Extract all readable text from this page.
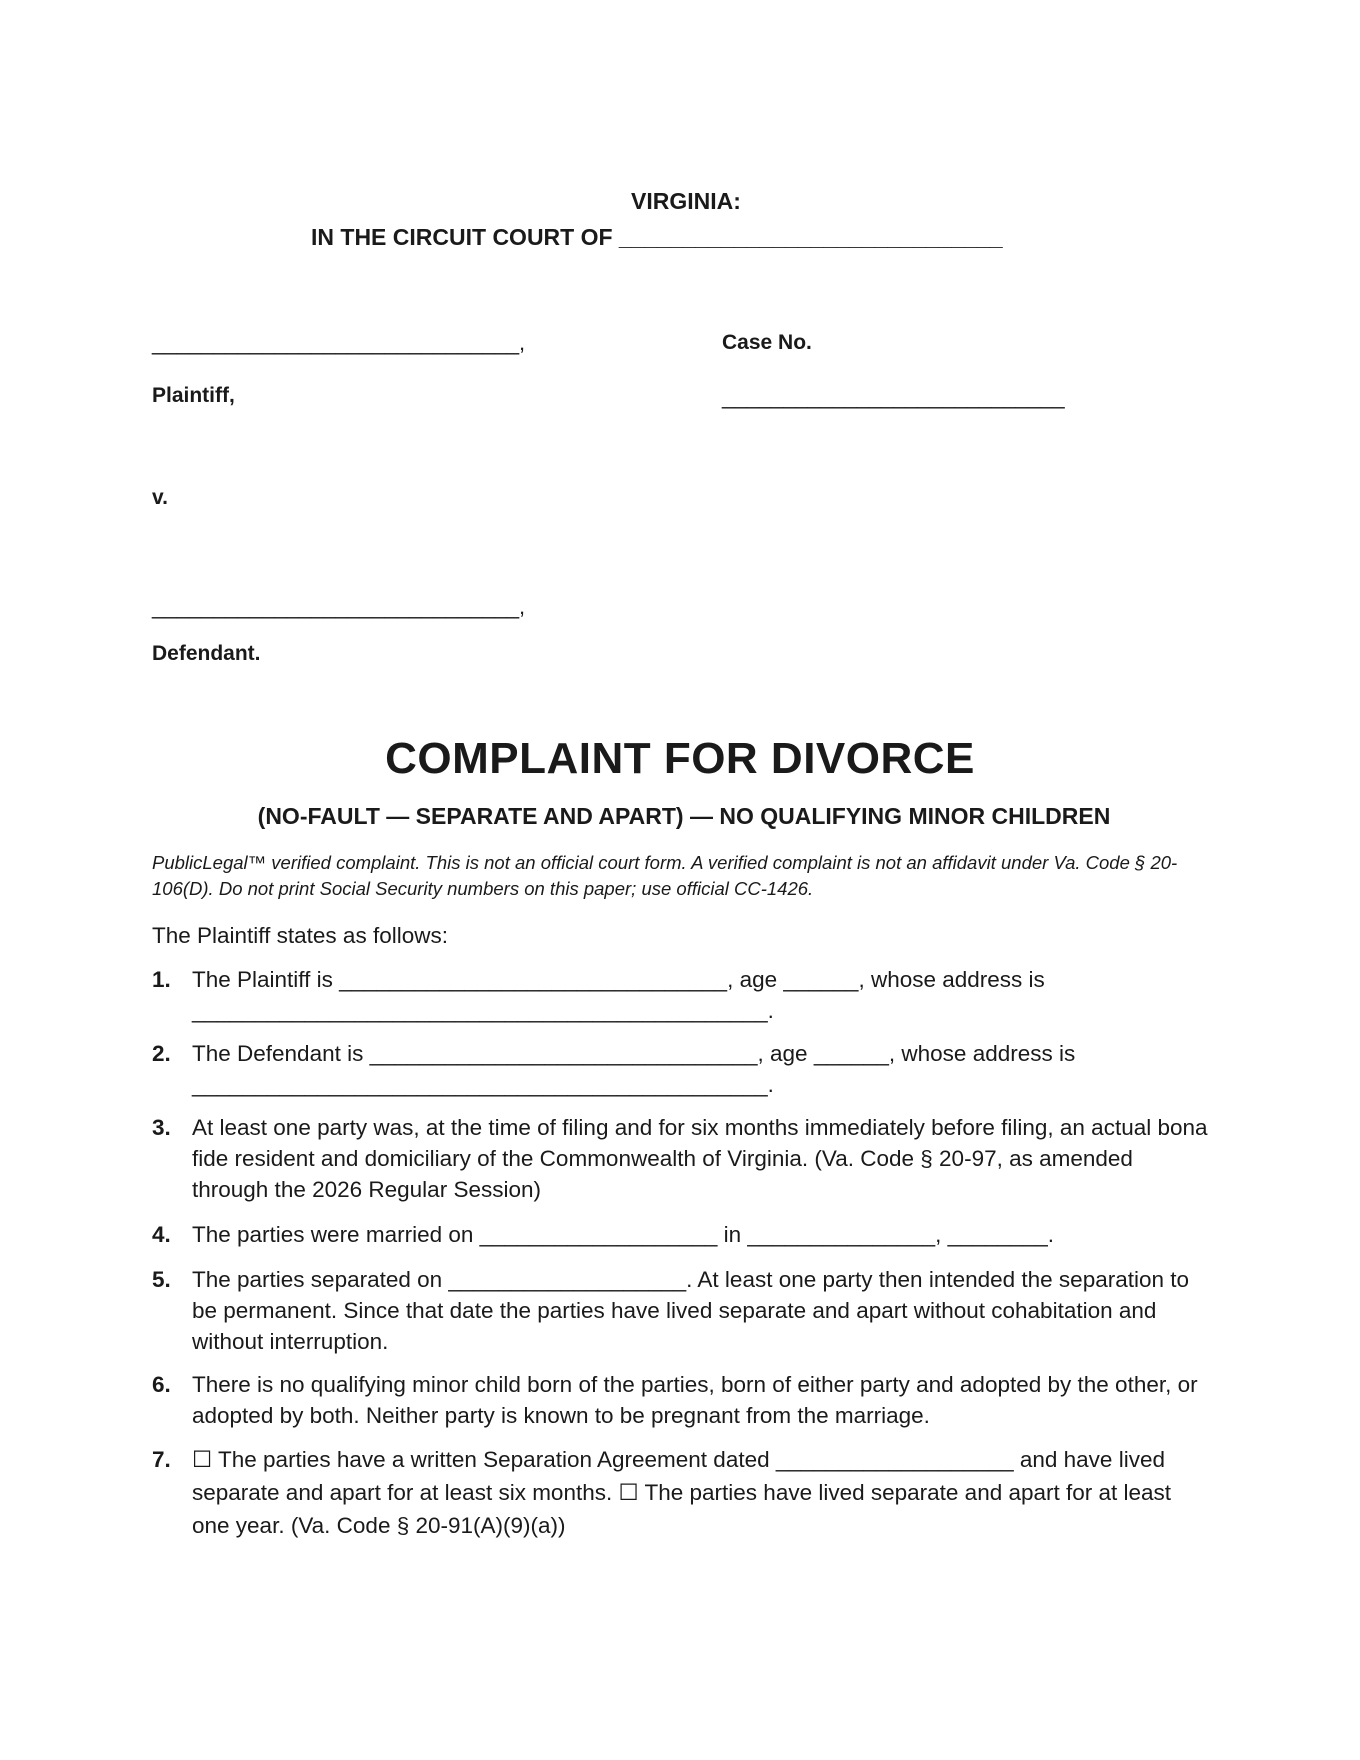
VIRGINIA:
IN THE CIRCUIT COURT OF ______________________________
______________________________,
Plaintiff,
Case No.
____________________________
v.
______________________________,
Defendant.
COMPLAINT FOR DIVORCE
(NO-FAULT — SEPARATE AND APART) — NO QUALIFYING MINOR CHILDREN
PublicLegal™ verified complaint. This is not an official court form. A verified complaint is not an affidavit under Va. Code § 20-106(D). Do not print Social Security numbers on this paper; use official CC-1426.
The Plaintiff states as follows:
1. The Plaintiff is _______________________________, age ______, whose address is ______________________________________________.
2. The Defendant is _______________________________, age ______, whose address is ______________________________________________.
3. At least one party was, at the time of filing and for six months immediately before filing, an actual bona fide resident and domiciliary of the Commonwealth of Virginia. (Va. Code § 20-97, as amended through the 2026 Regular Session)
4. The parties were married on ___________________ in _______________, ________.
5. The parties separated on ___________________. At least one party then intended the separation to be permanent. Since that date the parties have lived separate and apart without cohabitation and without interruption.
6. There is no qualifying minor child born of the parties, born of either party and adopted by the other, or adopted by both. Neither party is known to be pregnant from the marriage.
7. ☐ The parties have a written Separation Agreement dated ___________________ and have lived separate and apart for at least six months. ☐ The parties have lived separate and apart for at least one year. (Va. Code § 20-91(A)(9)(a))
